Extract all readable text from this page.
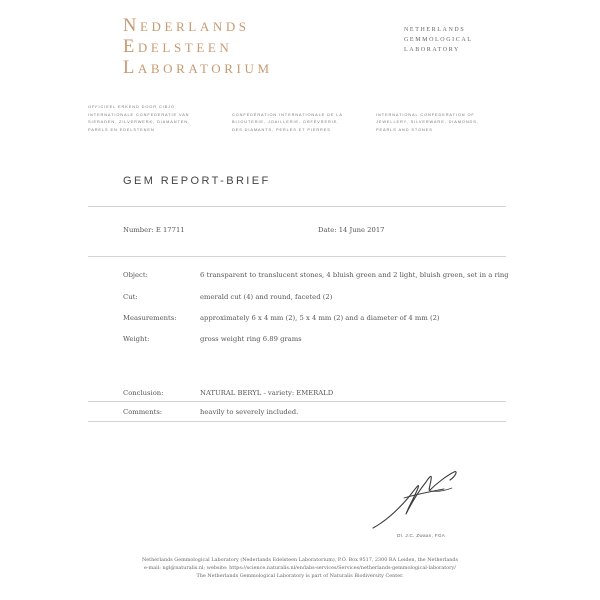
Nederlands
Edelsteen
Laboratorium
NETHERLANDS
GEMMOLOGICAL
LABORATORY
OFFICIEEL ERKEND DOOR CIBJO
INTERNATIONALE CONFEDERATIE VAN
SIERADEN, ZILVERWERK, DIAMANTEN,
PARELS EN EDELSTENEN

CONFÉDÉRATION INTERNATIONALE DE LA
BIJOUTERIE, JOAILLERIE, ORFÈVRERIE,
DES DIAMANTS, PERLES ET PIERRES

INTERNATIONAL CONFEDERATION OF
JEWELLERY, SILVERWARE, DIAMONDS,
PEARLS AND STONES
GEM REPORT-BRIEF
Number: E 17711	Date: 14 June 2017
Object:	6 transparent to translucent stones, 4 bluish green and 2 light, bluish green, set in a ring
Cut:	emerald cut (4) and round, faceted (2)
Measurements:	approximately 6 x 4 mm (2), 5 x 4 mm (2) and a diameter of 4 mm (2)
Weight:	gross weight ring 6.89 grams
Conclusion:	NATURAL BERYL - variety: EMERALD
Comments:	heavily to severely included.
Dr. J.C. Zwaan, FGA
Netherlands Gemmological Laboratory (Nederlands Edelsteen Laboratorium), P.O. Box 9517, 2300 RA Leiden, the Netherlands
e-mail: ngl@naturalis.nl; website: https://science.naturalis.nl/en/labs-services/Services/netherlands-gemmological-laboratory/
The Netherlands Gemmological Laboratory is part of Naturalis Biodiversity Center.
